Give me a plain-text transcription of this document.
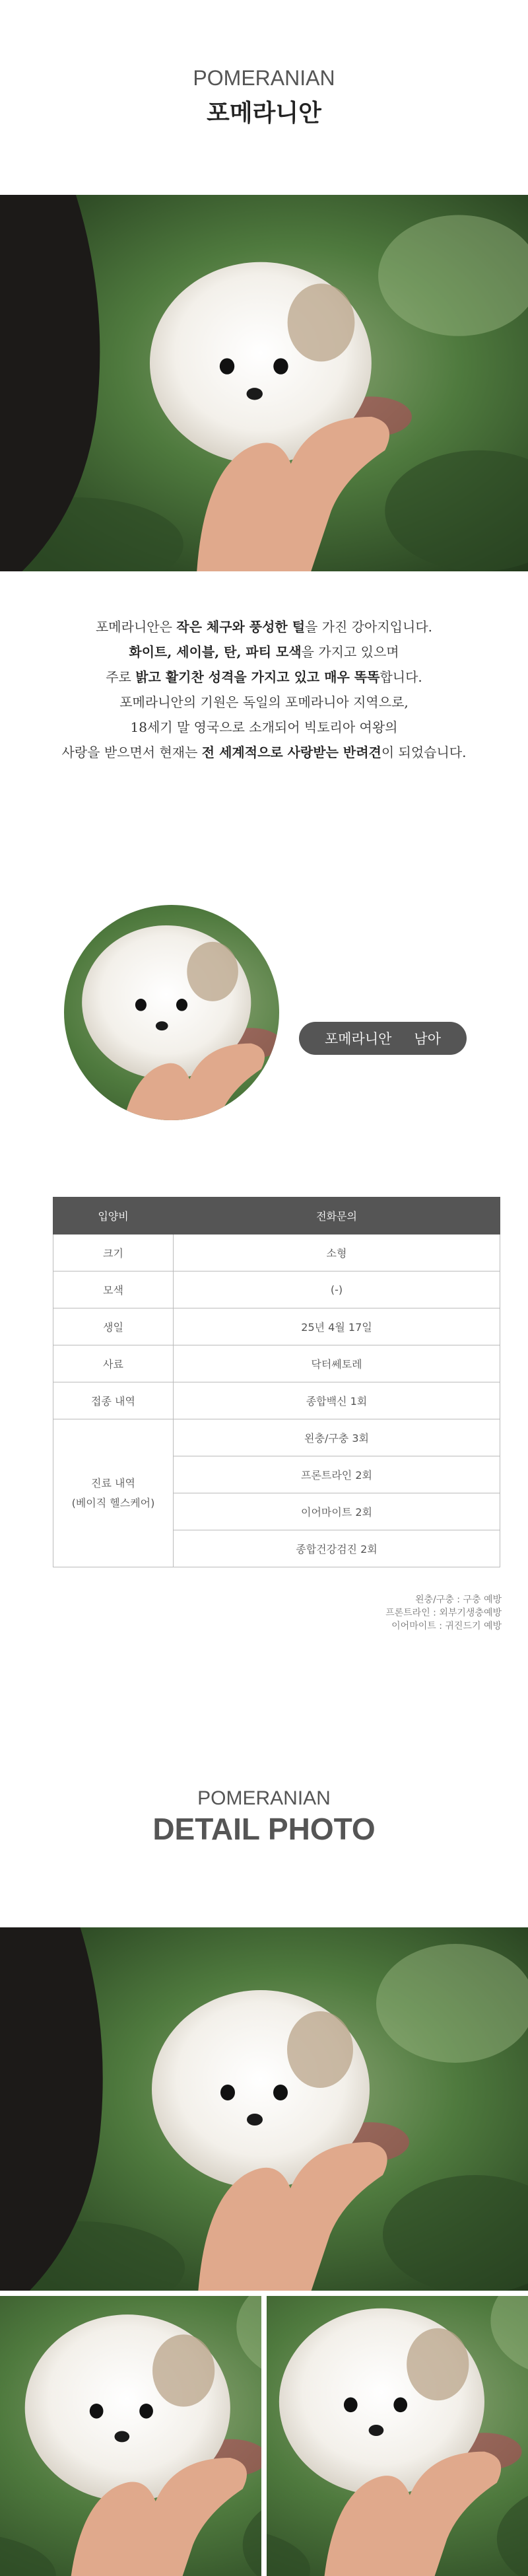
POMERANIAN
포메라니안
포메라니안은 작은 체구와 풍성한 털을 가진 강아지입니다.
화이트, 세이블, 탄, 파티 모색을 가지고 있으며
주로 밝고 활기찬 성격을 가지고 있고 매우 똑똑합니다.
포메라니안의 기원은 독일의 포메라니아 지역으로,
18세기 말 영국으로 소개되어 빅토리아 여왕의
사랑을 받으면서 현재는 전 세계적으로 사랑받는 반려견이 되었습니다.
포메라니안 남아
입양비	전화문의
크기	소형
모색	(-)
생일	25년 4월 17일
사료	닥터쎄토레
접종 내역	종합백신 1회

진료 내역
(베이직 헬스케어)	왼충/구충 3회
	프론트라인 2회
	이어마이트 2회
	종합건강검진 2회
왼충/구충 : 구충 예방
프론트라인 : 외부기생충예방
이어마이트 : 귀진드기 예방
POMERANIAN
DETAIL PHOTO
